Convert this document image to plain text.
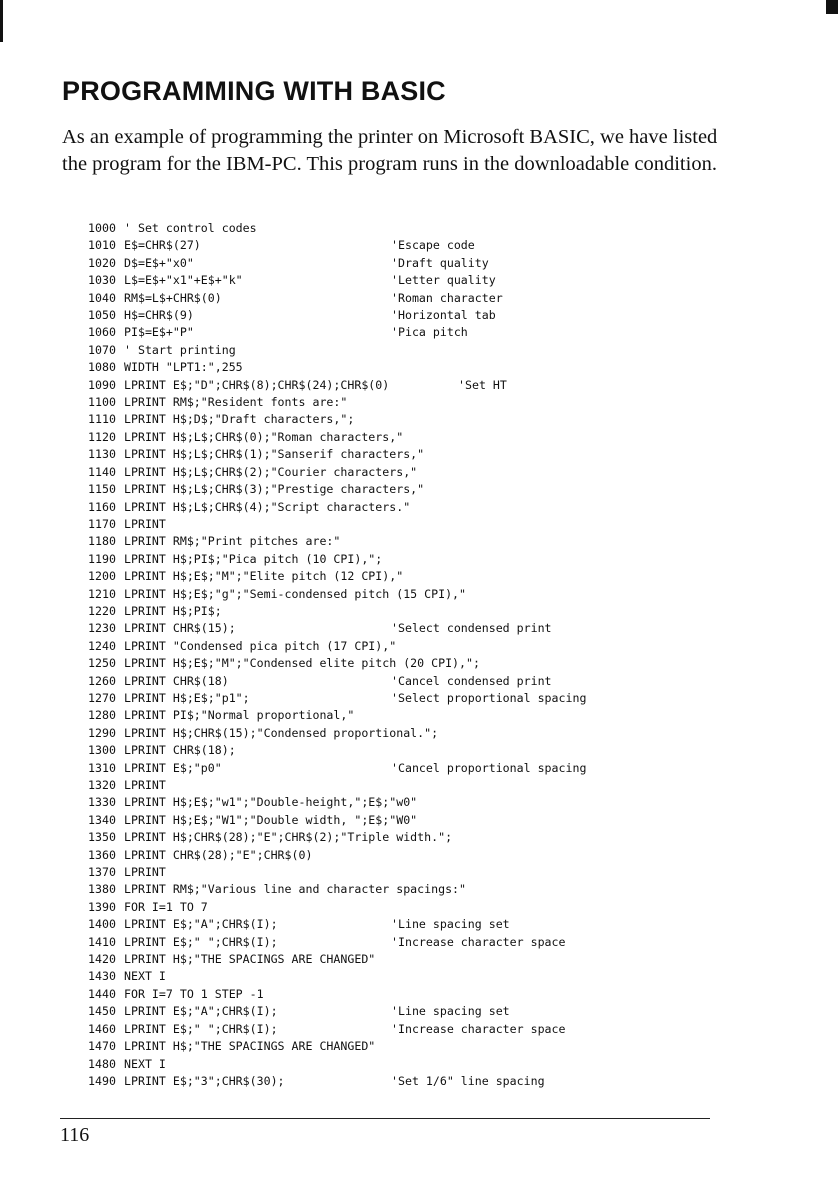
PROGRAMMING WITH BASIC

As an example of programming the printer on Microsoft BASIC, we have listed the program for the IBM-PC. This program runs in the downloadable condition.

1000 ' Set control codes
1010 E$=CHR$(27)	'Escape code
1020 D$=E$+"x0"	'Draft quality
1030 L$=E$+"x1"+E$+"k"	'Letter quality
1040 RM$=L$+CHR$(0)	'Roman character
1050 H$=CHR$(9)	'Horizontal tab
1060 PI$=E$+"P"	'Pica pitch
1070 ' Start printing
1080 WIDTH "LPT1:",255
1090 LPRINT E$;"D";CHR$(8);CHR$(24);CHR$(0)	'Set HT
1100 LPRINT RM$;"Resident fonts are:"
1110 LPRINT H$;D$;"Draft characters,";
1120 LPRINT H$;L$;CHR$(0);"Roman characters,"
1130 LPRINT H$;L$;CHR$(1);"Sanserif characters,"
1140 LPRINT H$;L$;CHR$(2);"Courier characters,"
1150 LPRINT H$;L$;CHR$(3);"Prestige characters,"
1160 LPRINT H$;L$;CHR$(4);"Script characters."
1170 LPRINT
1180 LPRINT RM$;"Print pitches are:"
1190 LPRINT H$;PI$;"Pica pitch (10 CPI),";
1200 LPRINT H$;E$;"M";"Elite pitch (12 CPI),"
1210 LPRINT H$;E$;"g";"Semi-condensed pitch (15 CPI),"
1220 LPRINT H$;PI$;
1230 LPRINT CHR$(15);	'Select condensed print
1240 LPRINT "Condensed pica pitch (17 CPI),"
1250 LPRINT H$;E$;"M";"Condensed elite pitch (20 CPI),";
1260 LPRINT CHR$(18)	'Cancel condensed print
1270 LPRINT H$;E$;"p1";	'Select proportional spacing
1280 LPRINT PI$;"Normal proportional,"
1290 LPRINT H$;CHR$(15);"Condensed proportional.";
1300 LPRINT CHR$(18);
1310 LPRINT E$;"p0"	'Cancel proportional spacing
1320 LPRINT
1330 LPRINT H$;E$;"w1";"Double-height,";E$;"w0"
1340 LPRINT H$;E$;"W1";"Double width, ";E$;"W0"
1350 LPRINT H$;CHR$(28);"E";CHR$(2);"Triple width.";
1360 LPRINT CHR$(28);"E";CHR$(0)
1370 LPRINT
1380 LPRINT RM$;"Various line and character spacings:"
1390 FOR I=1 TO 7
1400 LPRINT E$;"A";CHR$(I);	'Line spacing set
1410 LPRINT E$;" ";CHR$(I);	'Increase character space
1420 LPRINT H$;"THE SPACINGS ARE CHANGED"
1430 NEXT I
1440 FOR I=7 TO 1 STEP -1
1450 LPRINT E$;"A";CHR$(I);	'Line spacing set
1460 LPRINT E$;" ";CHR$(I);	'Increase character space
1470 LPRINT H$;"THE SPACINGS ARE CHANGED"
1480 NEXT I
1490 LPRINT E$;"3";CHR$(30);	'Set 1/6" line spacing

116
